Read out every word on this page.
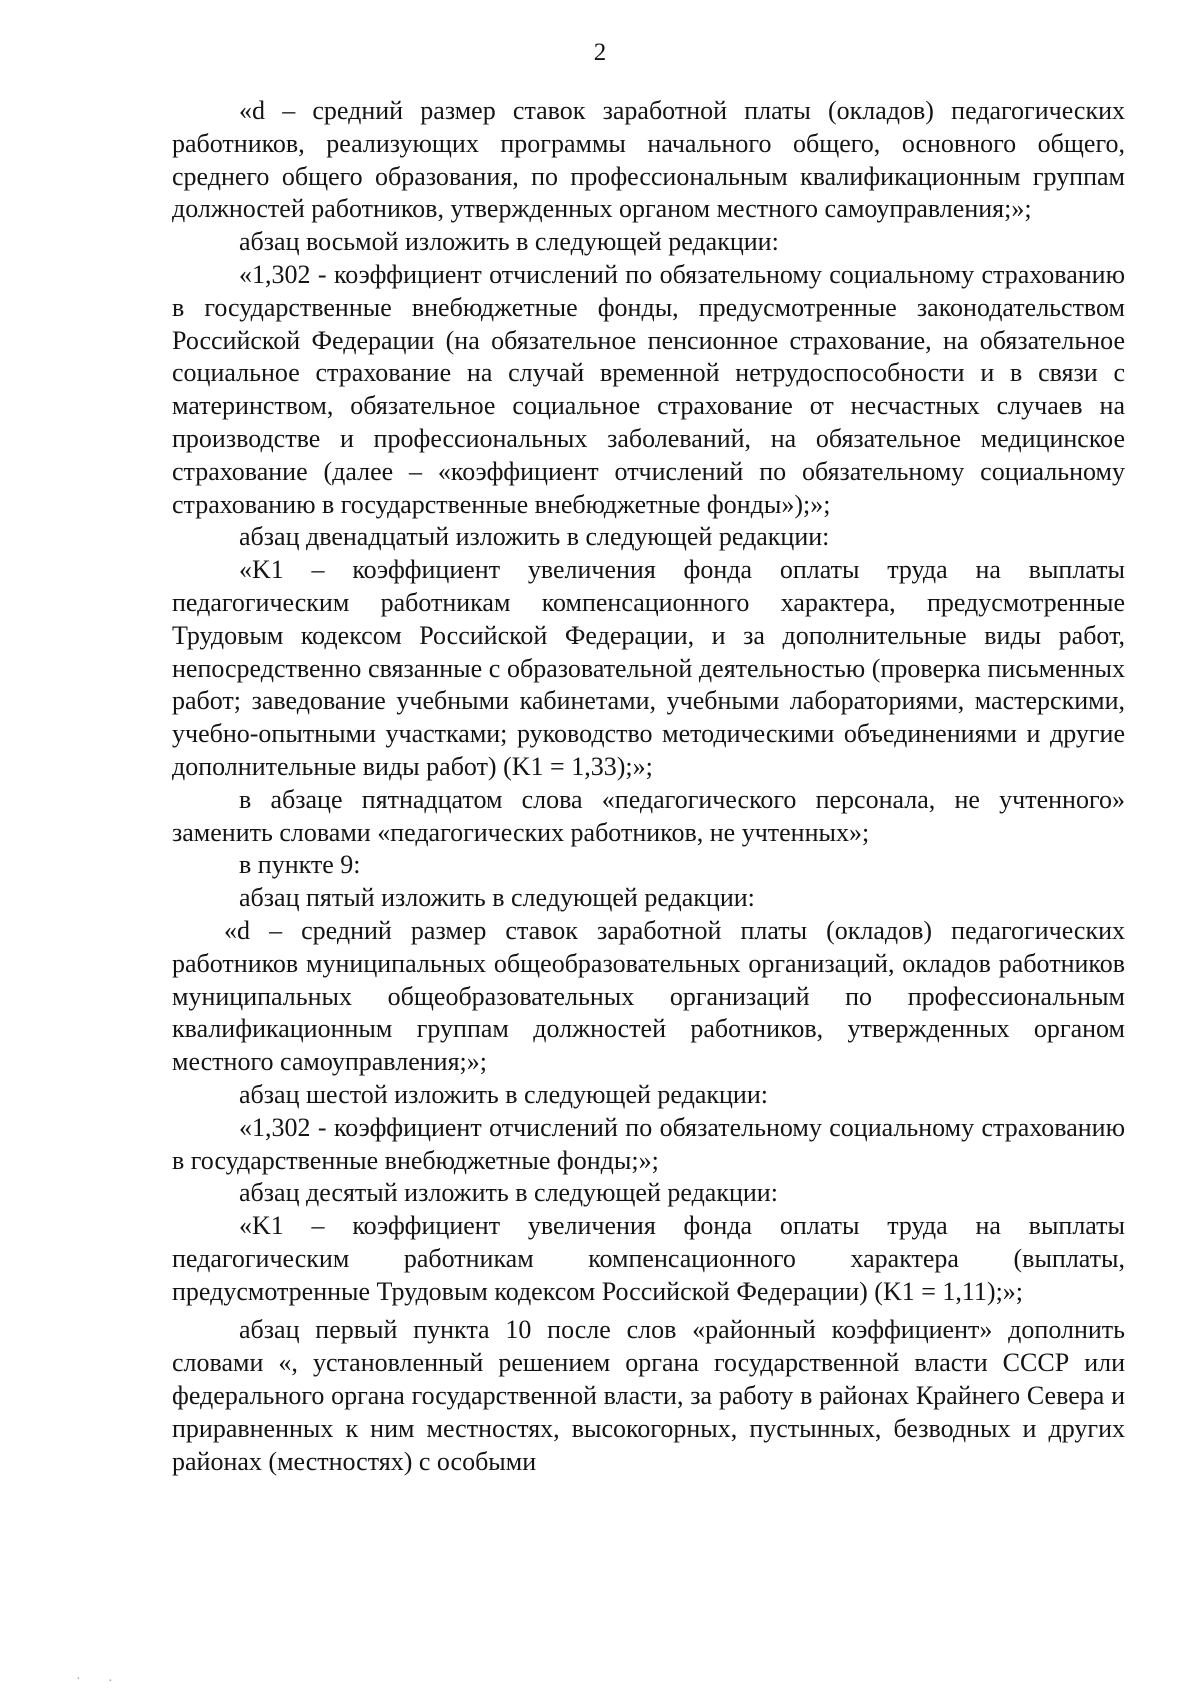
2

«d – средний размер ставок заработной платы (окладов) педагогических работников, реализующих программы начального общего, основного общего, среднего общего образования, по профессиональным квалификационным группам должностей работников, утвержденных органом местного самоуправления;»;

абзац восьмой изложить в следующей редакции:

«1,302 - коэффициент отчислений по обязательному социальному страхованию в государственные внебюджетные фонды, предусмотренные законодательством Российской Федерации (на обязательное пенсионное страхование, на обязательное социальное страхование на случай временной нетрудоспособности и в связи с материнством, обязательное социальное страхование от несчастных случаев на производстве и профессиональных заболеваний, на обязательное медицинское страхование (далее – «коэффициент отчислений по обязательному социальному страхованию в государственные внебюджетные фонды»);»;

абзац двенадцатый изложить в следующей редакции:

«K1 – коэффициент увеличения фонда оплаты труда на выплаты педагогическим работникам компенсационного характера, предусмотренные Трудовым кодексом Российской Федерации, и за дополнительные виды работ, непосредственно связанные с образовательной деятельностью (проверка письменных работ; заведование учебными кабинетами, учебными лабораториями, мастерскими, учебно-опытными участками; руководство методическими объединениями и другие дополнительные виды работ) (K1 = 1,33);»;

в абзаце пятнадцатом слова «педагогического персонала, не учтенного» заменить словами «педагогических работников, не учтенных»;

в пункте 9:

абзац пятый изложить в следующей редакции:

«d – средний размер ставок заработной платы (окладов) педагогических работников муниципальных общеобразовательных организаций, окладов работников муниципальных общеобразовательных организаций по профессиональным квалификационным группам должностей работников, утвержденных органом местного самоуправления;»;

абзац шестой изложить в следующей редакции:

«1,302 - коэффициент отчислений по обязательному социальному страхованию в государственные внебюджетные фонды;»;

абзац десятый изложить в следующей редакции:

«K1 – коэффициент увеличения фонда оплаты труда на выплаты педагогическим работникам компенсационного характера (выплаты, предусмотренные Трудовым кодексом Российской Федерации) (K1 = 1,11);»;

абзац первый пункта 10 после слов «районный коэффициент» дополнить словами «, установленный решением органа государственной власти СССР или федерального органа государственной власти, за работу в районах Крайнего Севера и приравненных к ним местностях, высокогорных, пустынных, безводных и других районах (местностях) с особыми

· ·
